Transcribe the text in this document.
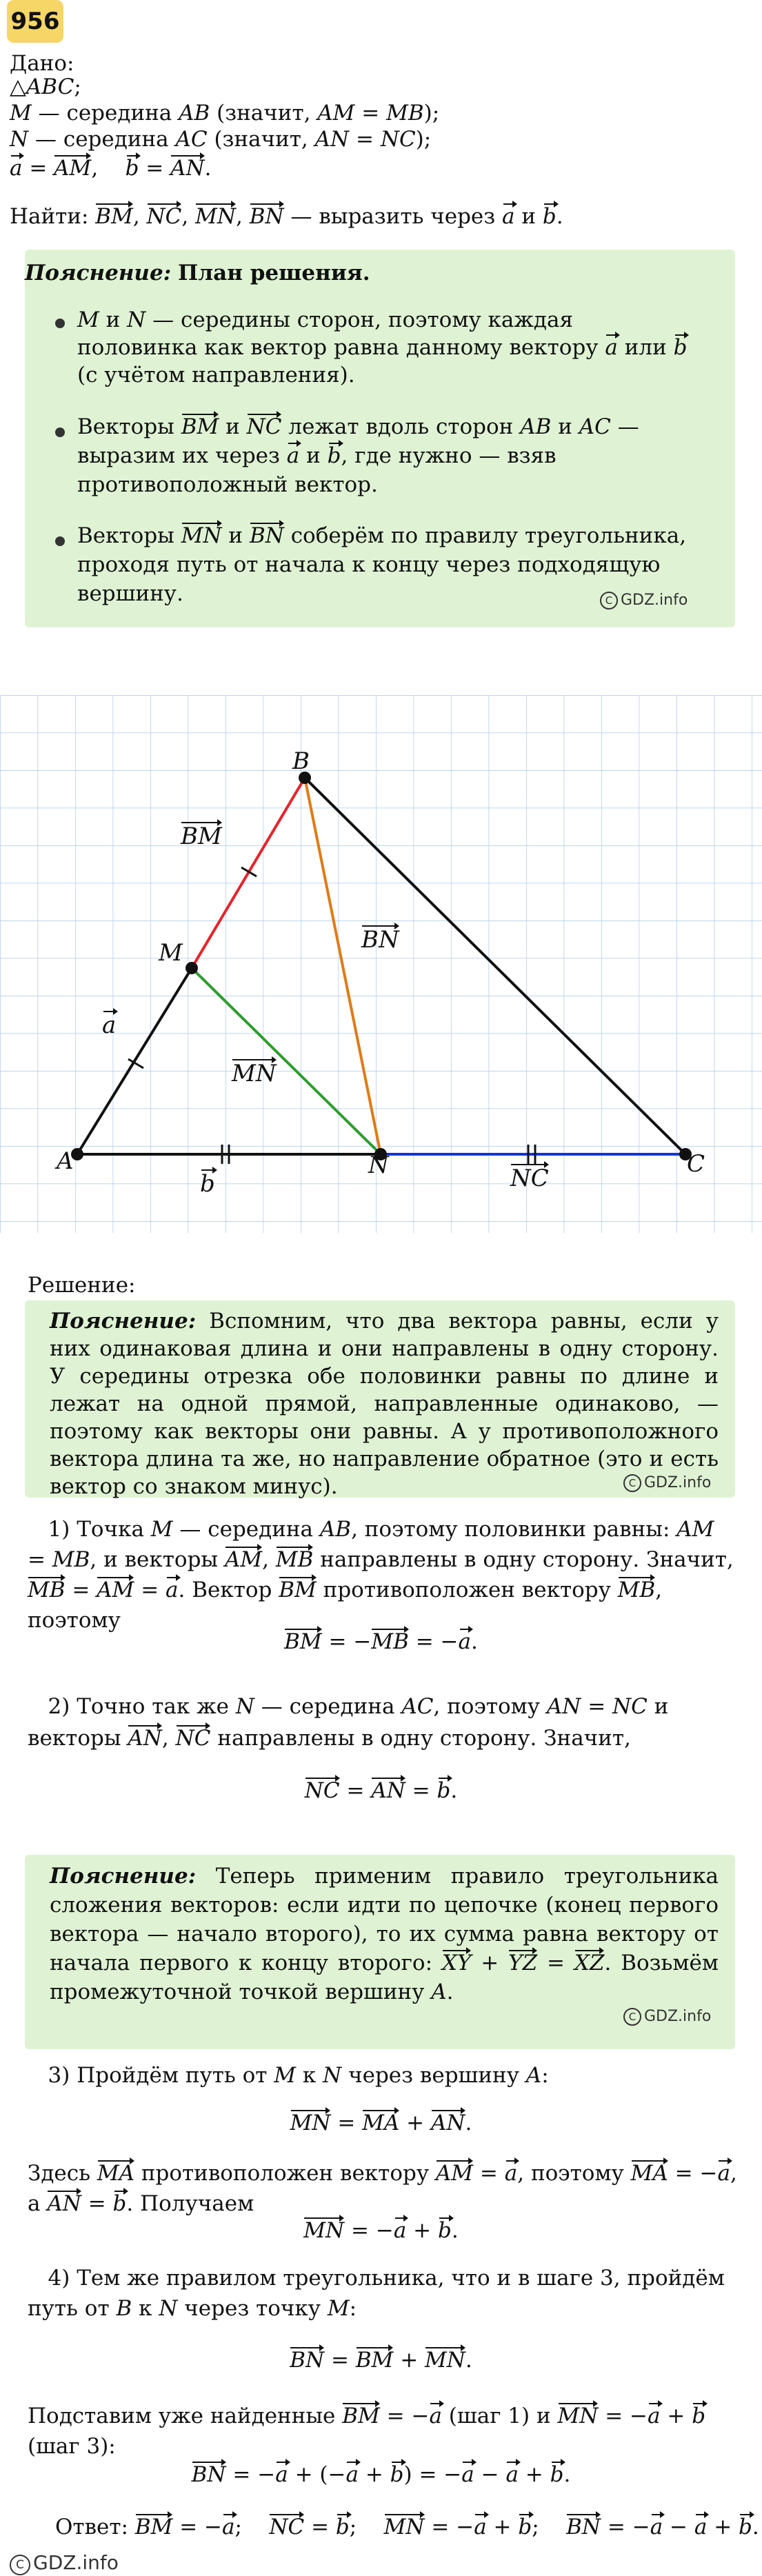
956
Дано:
△ABC;
M — середина AB (значит, AM = MB);
N — середина AC (значит, AN = NC);
a = AM,    b = AN.
Найти: BM, NC, MN, BN — выразить через a и b.
Пояснение: План решения.
M и N — середины сторон, поэтому каждая половинка как вектор равна данному вектору a или b (с учётом направления).
Векторы BM и NC лежат вдоль сторон AB и AC — выразим их через a и b, где нужно — взяв противоположный вектор.
Векторы MN и BN соберём по правилу треугольника, проходя путь от начала к концу через подходящую вершину.	C GDZ.info
A
B
C
M
N
BM
BN
MN
NC
a
b
Решение:
Пояснение: Вспомним, что два вектора равны, если у них одинаковая длина и они направлены в одну сторону. У середины отрезка обе половинки равны по длине и лежат на одной прямой, направленные одинаково, — поэтому как векторы они равны. А у противоположного вектора длина та же, но направление обратное (это и есть вектор со знаком минус).	C GDZ.info
1) Точка M — середина AB, поэтому половинки равны: AM = MB, и векторы AM, MB направлены в одну сторону. Значит, MB = AM = a. Вектор BM противоположен вектору MB, поэтому
BM = −MB = −a.
2) Точно так же N — середина AC, поэтому AN = NC и векторы AN, NC направлены в одну сторону. Значит,
NC = AN = b.
Пояснение: Теперь применим правило треугольника сложения векторов: если идти по цепочке (конец первого вектора — начало второго), то их сумма равна вектору от начала первого к концу второго: XY + YZ = XZ. Возьмём промежуточной точкой вершину A.
C GDZ.info
3) Пройдём путь от M к N через вершину A:
MN = MA + AN.
Здесь MA противоположен вектору AM = a, поэтому MA = −a, а AN = b. Получаем
MN = −a + b.
4) Тем же правилом треугольника, что и в шаге 3, пройдём путь от B к N через точку M:
BN = BM + MN.
Подставим уже найденные BM = −a (шаг 1) и MN = −a + b (шаг 3):
BN = −a + (−a + b) = −a − a + b.
Ответ: BM = −a;    NC = b;    MN = −a + b;    BN = −a − a + b.
C GDZ.info
